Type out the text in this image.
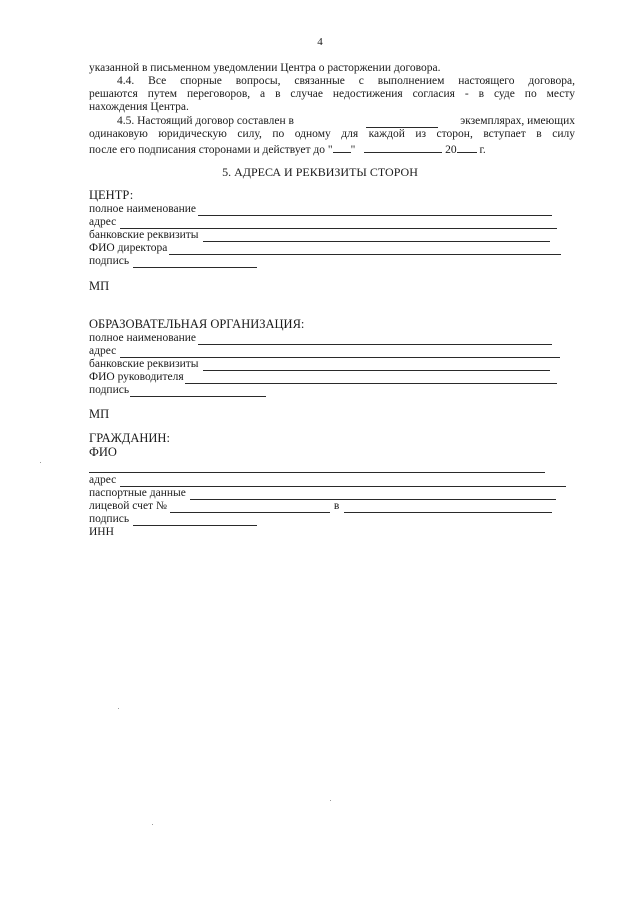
4
указанной в письменном уведомлении Центра о расторжении договора.
4.4. Все спорные вопросы, связанные с выполнением настоящего договора,
решаются путем переговоров, а в случае недостижения согласия - в суде по месту
нахождения Центра.
4.5. Настоящий договор составлен в	экземплярах, имеющих
одинаковую юридическую силу, по одному для каждой из сторон, вступает в силу
после его подписания сторонами и действует до " "	20 г.
5. АДРЕСА И РЕКВИЗИТЫ СТОРОН
ЦЕНТР:
полное наименование
адрес
банковские реквизиты
ФИО директора
подпись
МП
ОБРАЗОВАТЕЛЬНАЯ ОРГАНИЗАЦИЯ:
полное наименование
адрес
банковские реквизиты
ФИО руководителя
подпись
МП
ГРАЖДАНИН:
ФИО
адрес
паспортные данные
лицевой счет №	в
подпись
ИНН
